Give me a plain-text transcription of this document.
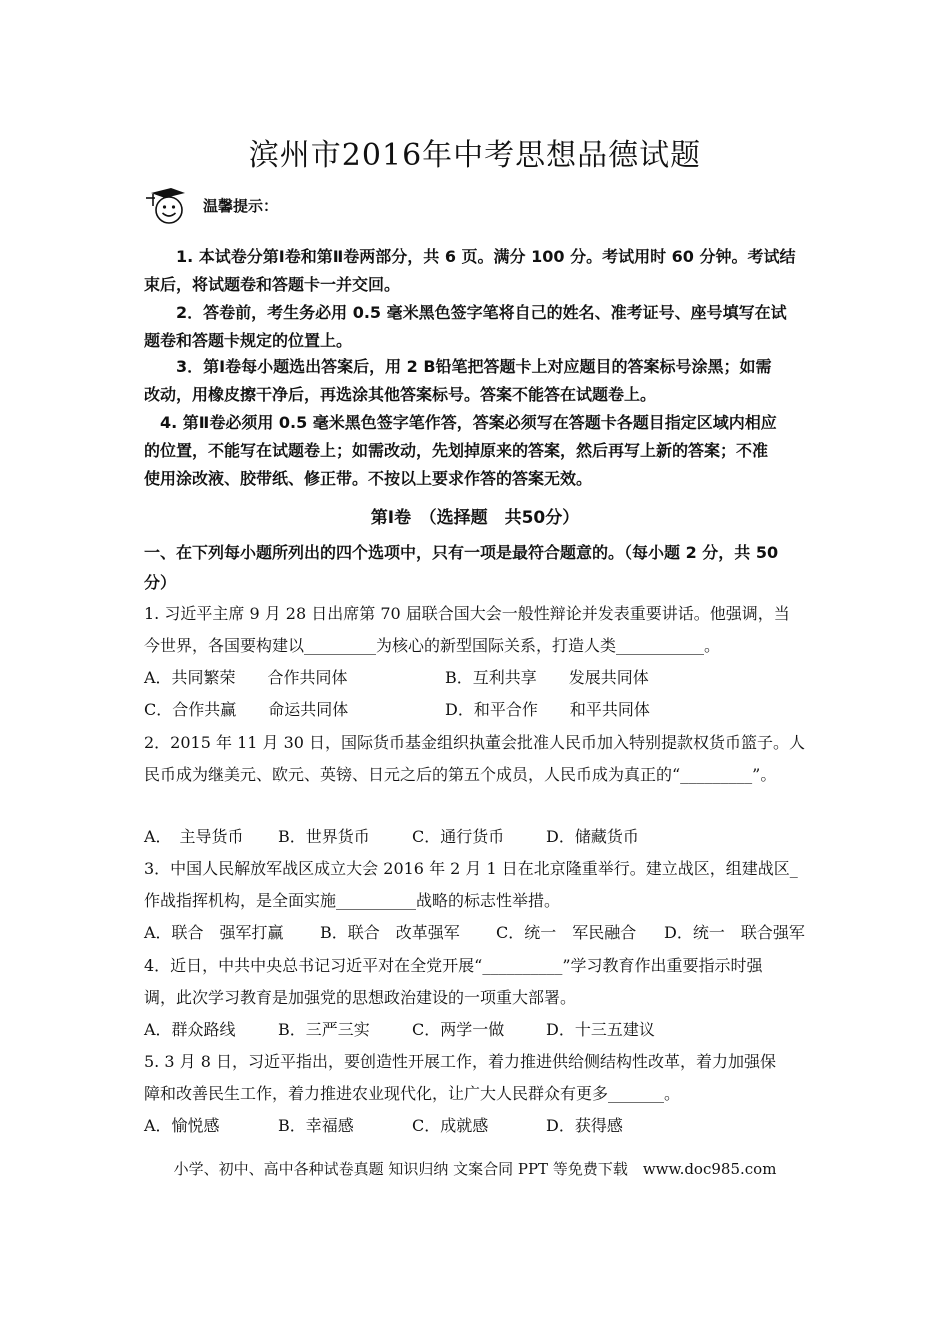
滨州市2016年中考思想品德试题
温馨提示：
1. 本试卷分第Ⅰ卷和第Ⅱ卷两部分，共 6 页。满分 100 分。考试用时 60 分钟。考试结
束后，将试题卷和答题卡一并交回。
2．答卷前，考生务必用 0.5 毫米黑色签字笔将自己的姓名、准考证号、座号填写在试
题卷和答题卡规定的位置上。
3．第Ⅰ卷每小题选出答案后，用 2 B铅笔把答题卡上对应题目的答案标号涂黑；如需
改动，用橡皮擦干净后，再选涂其他答案标号。答案不能答在试题卷上。
4. 第Ⅱ卷必须用 0.5 毫米黑色签字笔作答，答案必须写在答题卡各题目指定区域内相应
的位置，不能写在试题卷上；如需改动，先划掉原来的答案，然后再写上新的答案；不准
使用涂改液、胶带纸、修正带。不按以上要求作答的答案无效。
第Ⅰ卷　（选择题　共50分）
一、在下列每小题所列出的四个选项中，只有一项是最符合题意的。（每小题 2 分，共 50
分）
1. 习近平主席 9 月 28 日出席第 70 届联合国大会一般性辩论并发表重要讲话。他强调，当
今世界，各国要构建以_________为核心的新型国际关系，打造人类___________。
A．共同繁荣　　合作共同体	B．互利共享　　发展共同体
C．合作共赢　　命运共同体	D．和平合作　　和平共同体
2．2015 年 11 月 30 日，国际货币基金组织执董会批准人民币加入特别提款权货币篮子。人
民币成为继美元、欧元、英镑、日元之后的第五个成员，人民币成为真正的“_________”。
A．　主导货币 B．世界货币	C．通行货币	D．储藏货币
3．中国人民解放军战区成立大会 2016 年 2 月 1 日在北京隆重举行。建立战区，组建战区_
作战指挥机构，是全面实施__________战略的标志性举措。
A．联合　强军打赢 B．联合　改革强军 C．统一　军民融合 D．统一　联合强军
4．近日，中共中央总书记习近平对在全党开展“__________”学习教育作出重要指示时强
调，此次学习教育是加强党的思想政治建设的一项重大部署。
A．群众路线	B．三严三实	C．两学一做	D．十三五建议
5. 3 月 8 日，习近平指出，要创造性开展工作，着力推进供给侧结构性改革，着力加强保
障和改善民生工作，着力推进农业现代化，让广大人民群众有更多_______。
A．愉悦感	B．幸福感	C．成就感	D．获得感
小学、初中、高中各种试卷真题 知识归纳 文案合同 PPT 等免费下载　www.doc985.com
